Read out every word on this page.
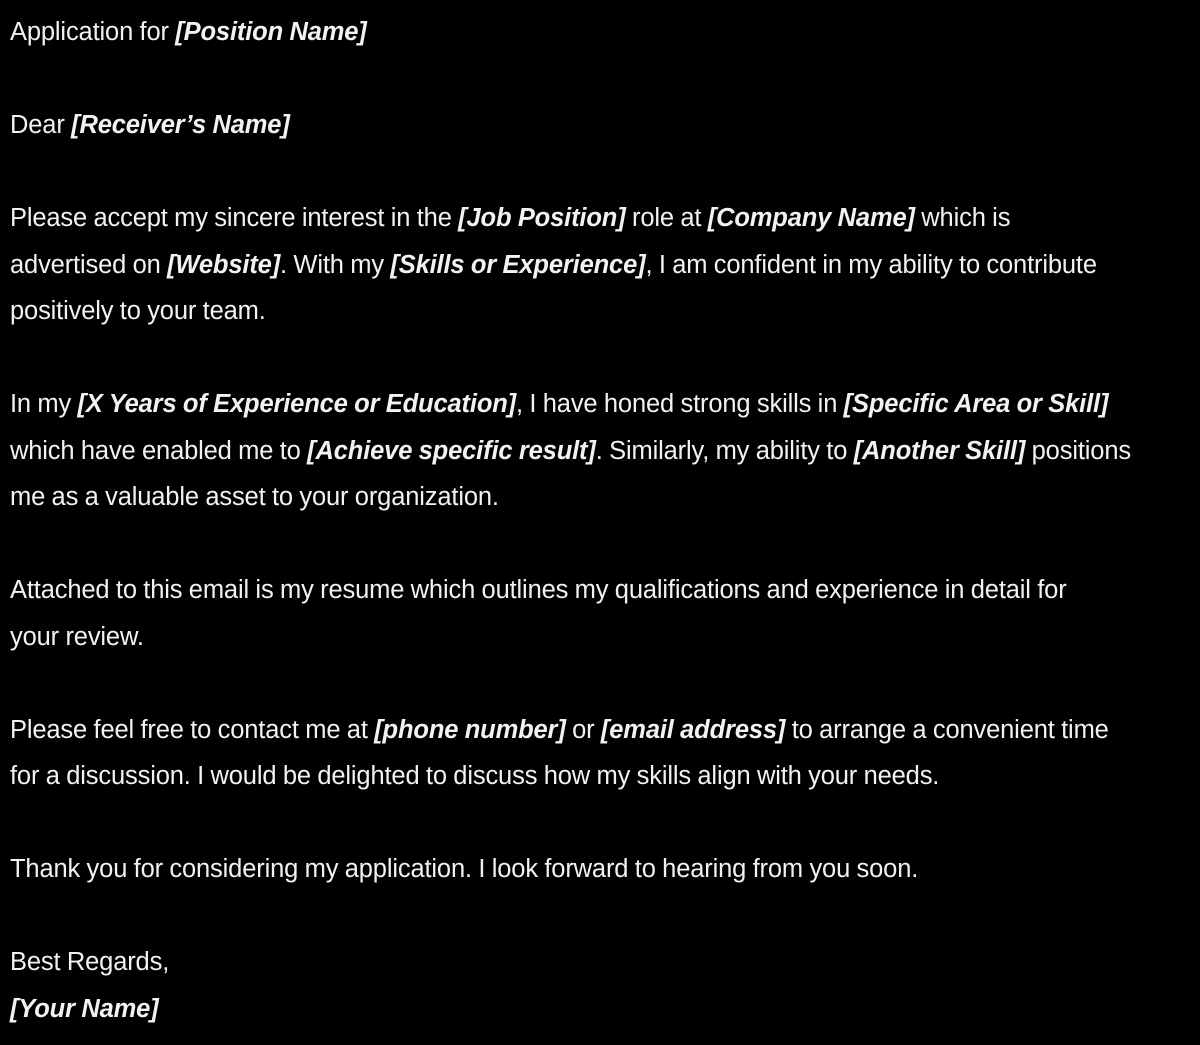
Application for [Position Name]
Dear [Receiver’s Name]
Please accept my sincere interest in the [Job Position] role at [Company Name] which is
advertised on [Website]. With my [Skills or Experience], I am confident in my ability to contribute
positively to your team.
In my [X Years of Experience or Education], I have honed strong skills in [Specific Area or Skill]
which have enabled me to [Achieve specific result]. Similarly, my ability to [Another Skill] positions
me as a valuable asset to your organization.
Attached to this email is my resume which outlines my qualifications and experience in detail for
your review.
Please feel free to contact me at [phone number] or [email address] to arrange a convenient time
for a discussion. I would be delighted to discuss how my skills align with your needs.
Thank you for considering my application. I look forward to hearing from you soon.
Best Regards,
[Your Name]
